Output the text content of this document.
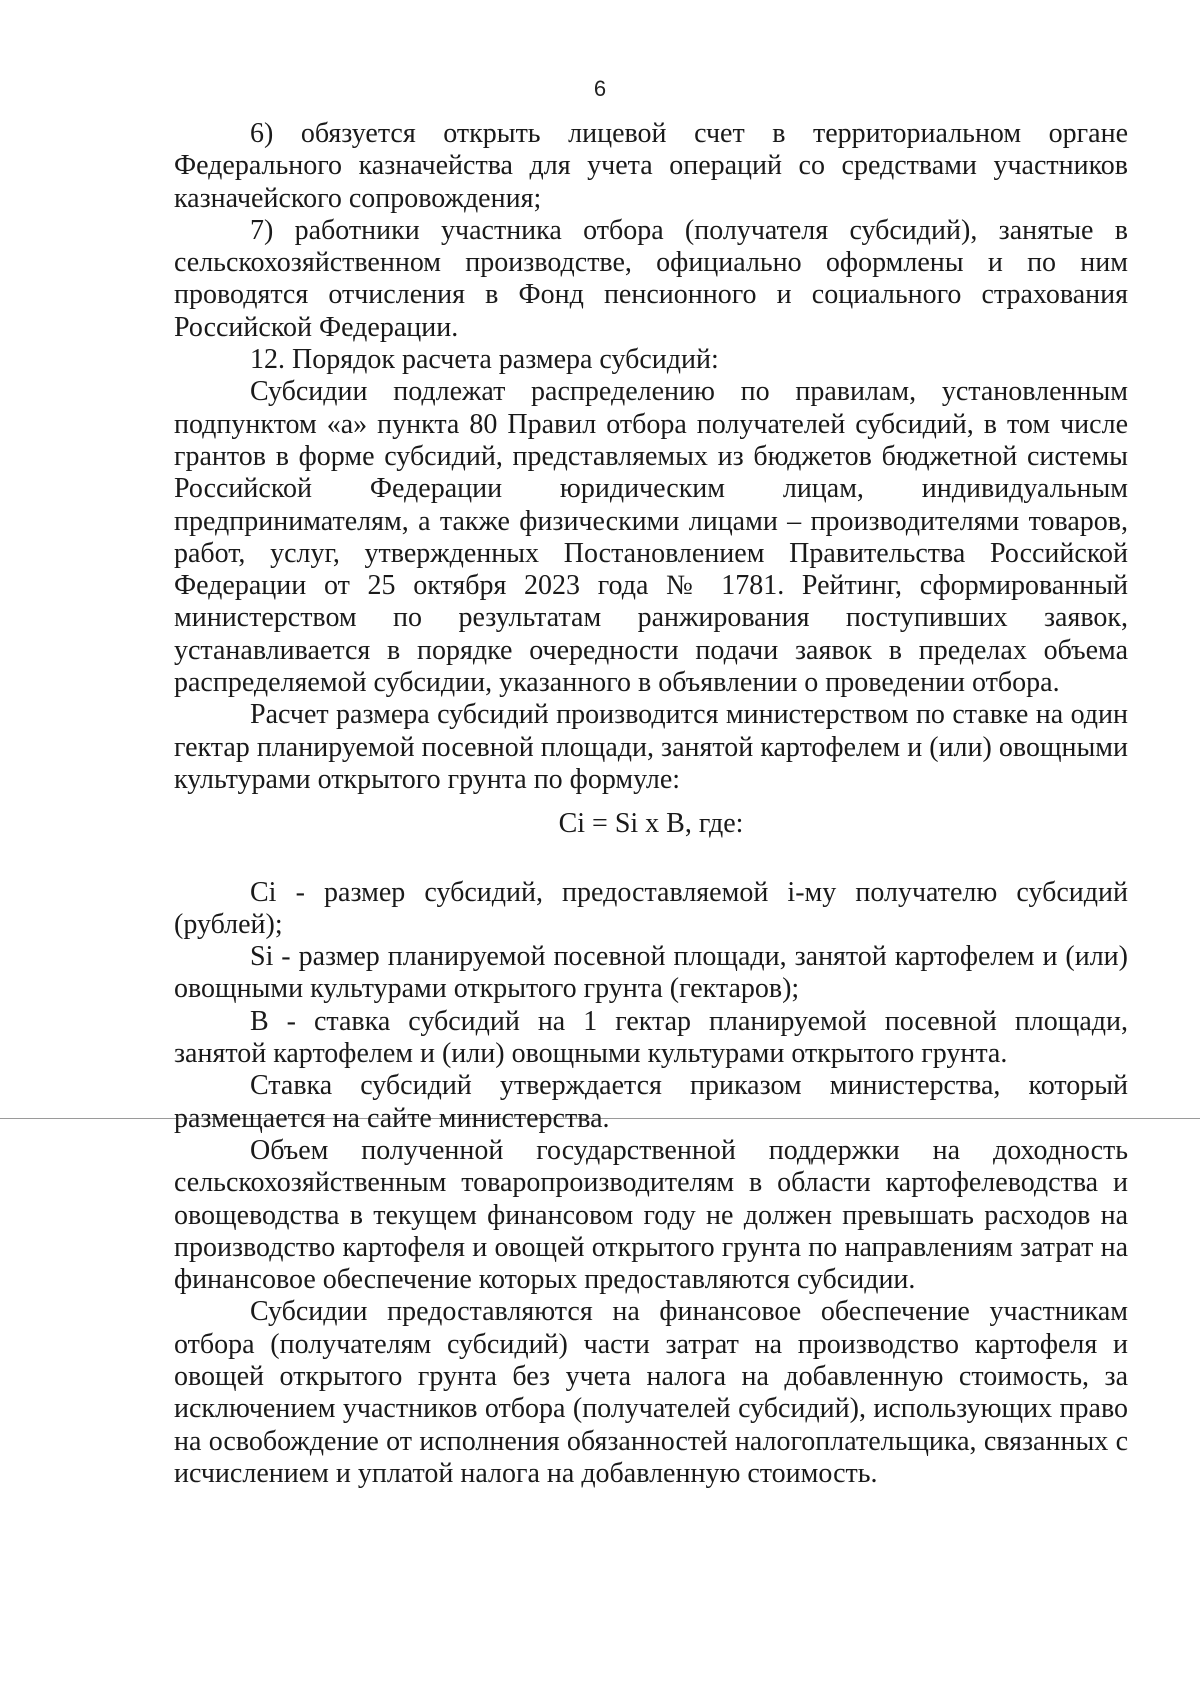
6

6) обязуется открыть лицевой счет в территориальном органе Федерального казначейства для учета операций со средствами участников казначейского сопровождения;

7) работники участника отбора (получателя субсидий), занятые в сельскохозяйственном производстве, официально оформлены и по ним проводятся отчисления в Фонд пенсионного и социального страхования Российской Федерации.

12. Порядок расчета размера субсидий:

Субсидии подлежат распределению по правилам, установленным подпунктом «а» пункта 80 Правил отбора получателей субсидий, в том числе грантов в форме субсидий, представляемых из бюджетов бюджетной системы Российской Федерации юридическим лицам, индивидуальным предпринимателям, а также физическими лицами – производителями товаров, работ, услуг, утвержденных Постановлением Правительства Российской Федерации от 25 октября 2023 года № 1781. Рейтинг, сформированный министерством по результатам ранжирования поступивших заявок, устанавливается в порядке очередности подачи заявок в пределах объема распределяемой субсидии, указанного в объявлении о проведении отбора.

Расчет размера субсидий производится министерством по ставке на один гектар планируемой посевной площади, занятой картофелем и (или) овощными культурами открытого грунта по формуле:

Ci = Si x B, где:

Ci - размер субсидий, предоставляемой i-му получателю субсидий (рублей);

Si - размер планируемой посевной площади, занятой картофелем и (или) овощными культурами открытого грунта (гектаров);

B - ставка субсидий на 1 гектар планируемой посевной площади, занятой картофелем и (или) овощными культурами открытого грунта.

Ставка субсидий утверждается приказом министерства, который размещается на сайте министерства.

Объем полученной государственной поддержки на доходность сельскохозяйственным товаропроизводителям в области картофелеводства и овощеводства в текущем финансовом году не должен превышать расходов на производство картофеля и овощей открытого грунта по направлениям затрат на финансовое обеспечение которых предоставляются субсидии.

Субсидии предоставляются на финансовое обеспечение участникам отбора (получателям субсидий) части затрат на производство картофеля и овощей открытого грунта без учета налога на добавленную стоимость, за исключением участников отбора (получателей субсидий), использующих право на освобождение от исполнения обязанностей налогоплательщика, связанных с исчислением и уплатой налога на добавленную стоимость.
